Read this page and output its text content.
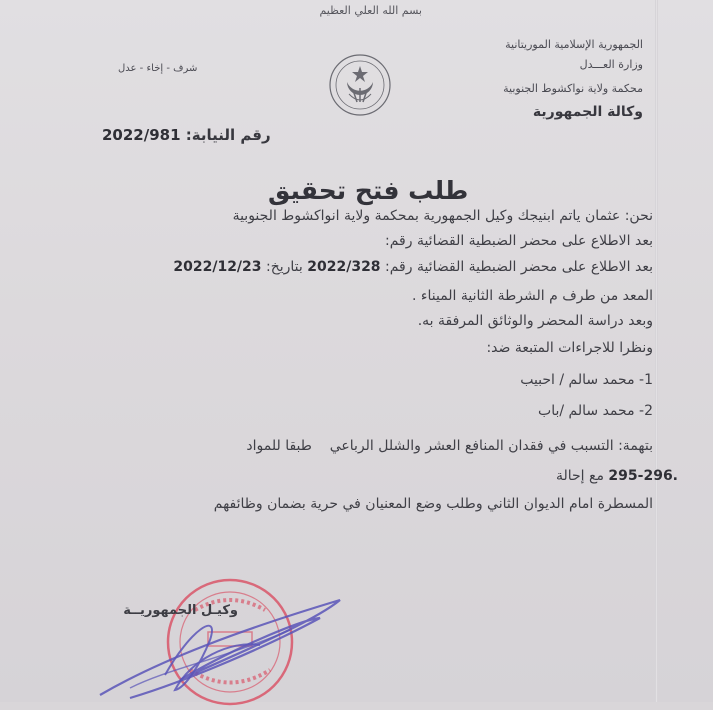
بسم الله العلي العظيم
الجمهورية الإسلامية الموريتانية
وزارة العـــدل
محكمة ولاية نواكشوط الجنوبية
وكالة الجمهورية
شرف - إخاء - عدل
رقم النيابة: 2022/981
طلب فتح تحقيق
نحن: عثمان ياتم ابنيجك وكيل الجمهورية بمحكمة ولاية انواكشوط الجنوبية
بعد الاطلاع على محضر الضبطية القضائية رقم:
بعد الاطلاع على محضر الضبطية القضائية رقم: 2022/328 بتاريخ: 2022/12/23
المعد من طرف م الشرطة الثانية الميناء .
وبعد دراسة المحضر والوثائق المرفقة به.
ونظرا للاجراءات المتبعة ضد:
1- محمد سالم / احبيب
2- محمد سالم /باب
بتهمة: التسبب في فقدان المنافع العشر والشلل الرباعي    طبقا للمواد
295-296. مع إحالة
المسطرة امام الديوان الثاني وطلب وضع المعنيان في حرية بضمان وظائفهم
وكيـل الجمهوريــة
